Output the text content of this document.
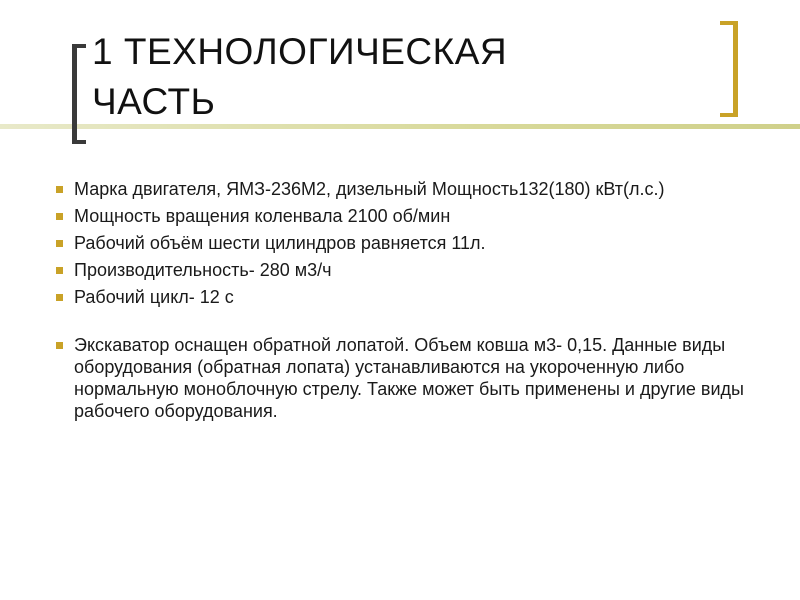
1 ТЕХНОЛОГИЧЕСКАЯ
ЧАСТЬ
Марка двигателя, ЯМЗ-236М2, дизельный Мощность132(180) кВт(л.с.)
Мощность вращения коленвала 2100 об/мин
Рабочий объём шести цилиндров равняется 11л.
Производительность- 280 м3/ч
Рабочий цикл- 12 с
Экскаватор оснащен обратной лопатой. Объем ковша м3- 0,15. Данные виды оборудования (обратная лопата) устанавливаются на укороченную либо нормальную моноблочную стрелу. Также может быть применены и другие виды рабочего оборудования.
